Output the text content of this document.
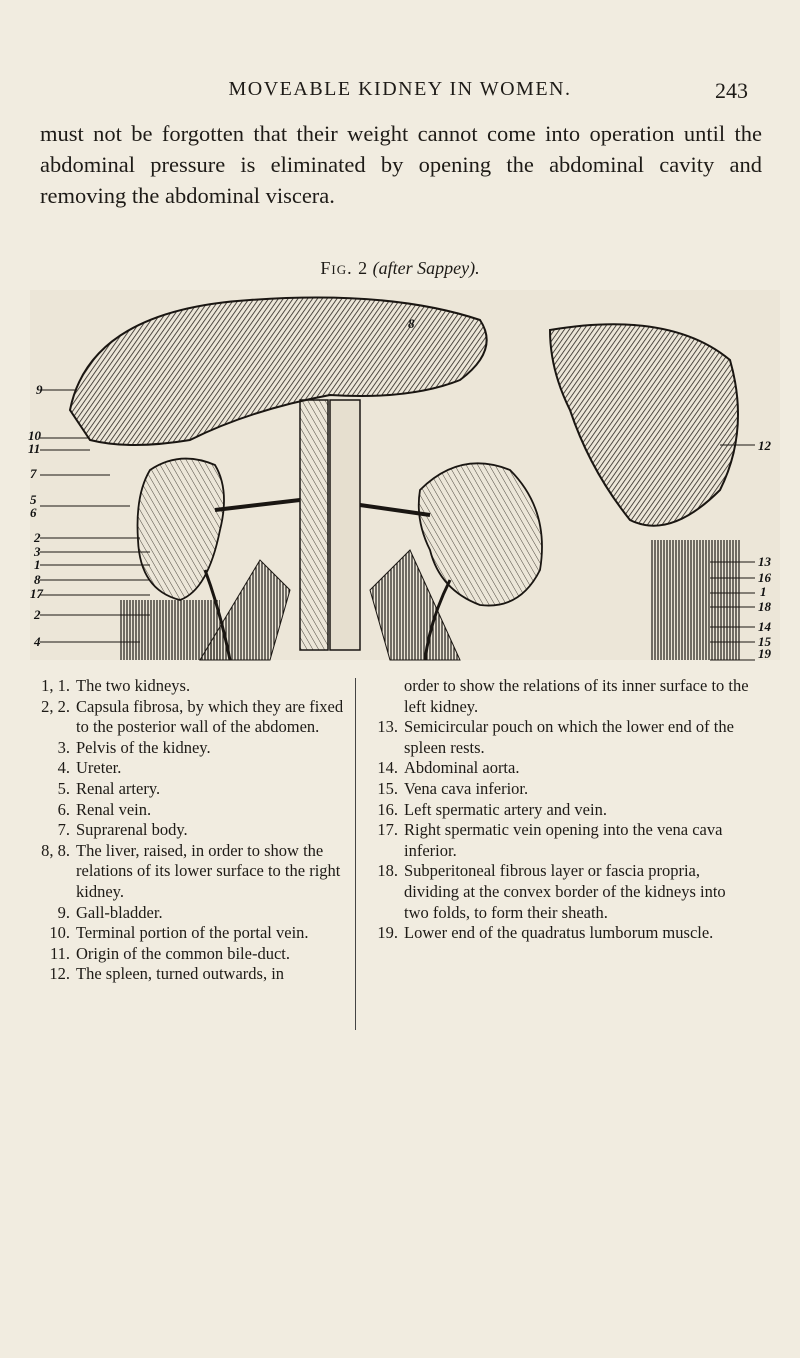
MOVEABLE KIDNEY IN WOMEN.	243
must not be forgotten that their weight cannot come into operation until the abdominal pressure is eliminated by opening the abdominal cavity and removing the abdominal viscera.
Fig. 2 (after Sappey).
8
9
10
11
7
5
6
2
3
1
8
17
2
4
12
13
16
1
18
14
15
19
1, 1. The two kidneys.
2, 2. Capsula fibrosa, by which they are fixed to the posterior wall of the abdomen.
3. Pelvis of the kidney.
4. Ureter.
5. Renal artery.
6. Renal vein.
7. Suprarenal body.
8, 8. The liver, raised, in order to show the relations of its lower surface to the right kidney.
9. Gall-bladder.
10. Terminal portion of the portal vein.
11. Origin of the common bile-duct.
12. The spleen, turned outwards, in
order to show the relations of its inner surface to the left kidney.
13. Semicircular pouch on which the lower end of the spleen rests.
14. Abdominal aorta.
15. Vena cava inferior.
16. Left spermatic artery and vein.
17. Right spermatic vein opening into the vena cava inferior.
18. Subperitoneal fibrous layer or fascia propria, dividing at the convex border of the kidneys into two folds, to form their sheath.
19. Lower end of the quadratus lumborum muscle.
